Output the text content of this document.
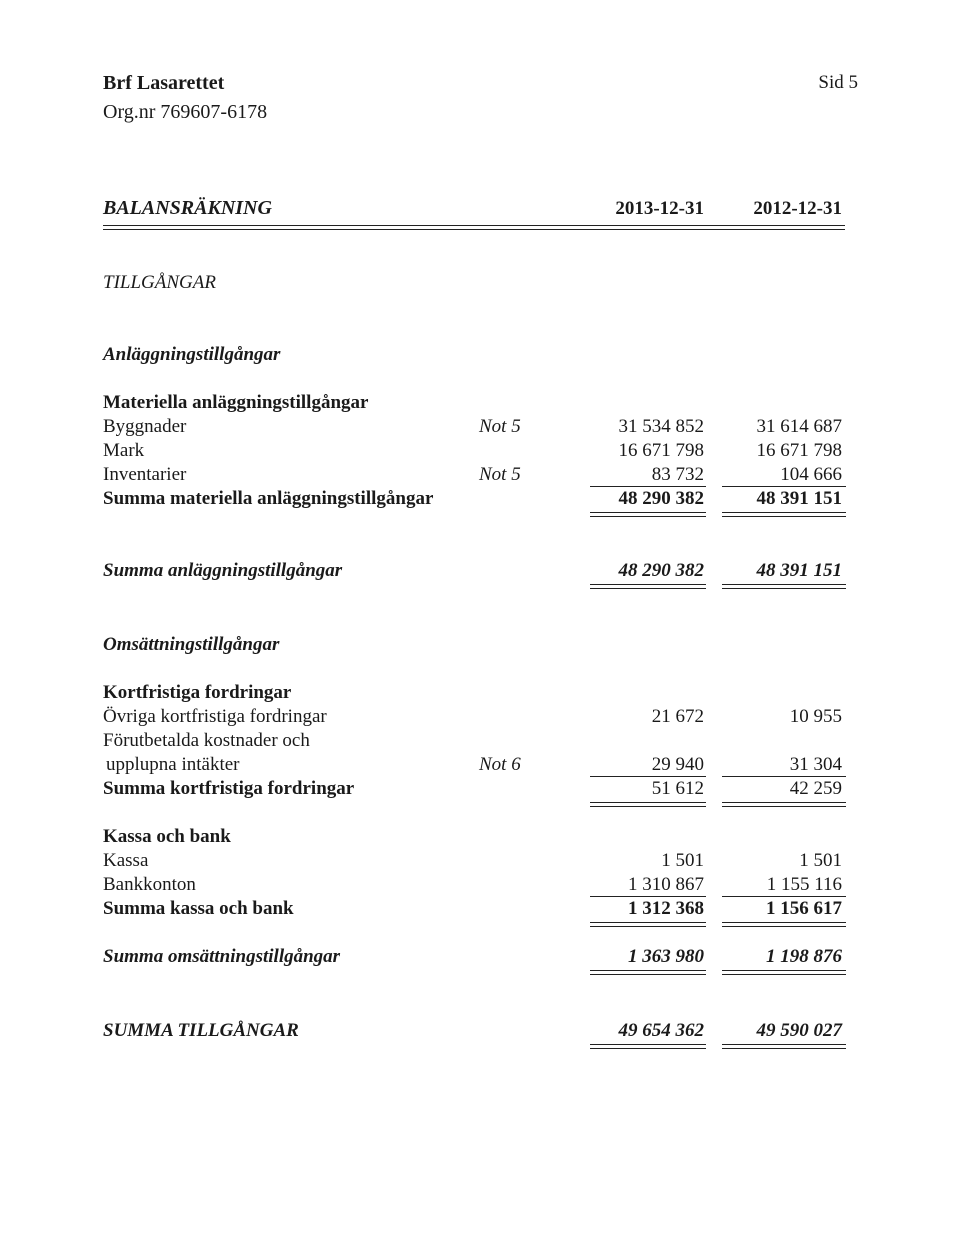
Brf Lasarettet
Org.nr 769607-6178
Sid 5
BALANSRÄKNING	2013-12-31	2012-12-31
TILLGÅNGAR
Anläggningstillgångar
Materiella anläggningstillgångar
Byggnader	Not 5	31 534 852	31 614 687
Mark	16 671 798	16 671 798
Inventarier	Not 5	83 732	104 666
Summa materiella anläggningstillgångar	48 290 382	48 391 151
Summa anläggningstillgångar	48 290 382	48 391 151
Omsättningstillgångar
Kortfristiga fordringar
Övriga kortfristiga fordringar	21 672	10 955
Förutbetalda kostnader och
upplupna intäkter	Not 6	29 940	31 304
Summa kortfristiga fordringar	51 612	42 259
Kassa och bank
Kassa	1 501	1 501
Bankkonton	1 310 867	1 155 116
Summa kassa och bank	1 312 368	1 156 617
Summa omsättningstillgångar	1 363 980	1 198 876
SUMMA TILLGÅNGAR	49 654 362	49 590 027
